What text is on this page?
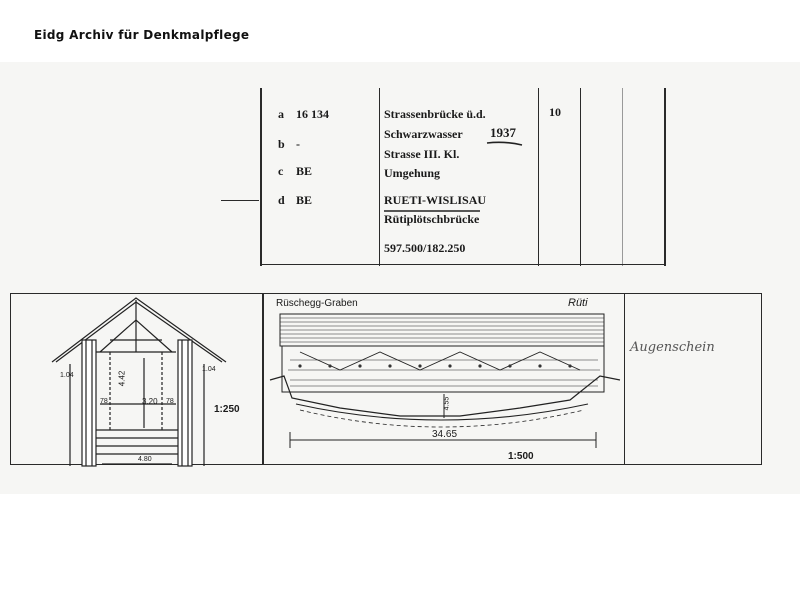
Eidg Archiv für Denkmalpflege
a 16 134
b -
c BE
d BE
Strassenbrücke ü.d.
Schwarzwasser 1937
Strasse III. Kl.
Umgehung
RUETI-WISLISAU
Rütiplötschbrücke
597.500/182.250
10
4.42
3.20
78	78
1.04
1.04
4.80
1:250
Rüschegg-Graben	Rüti
4.55
34.65
1:500
Augenschein
